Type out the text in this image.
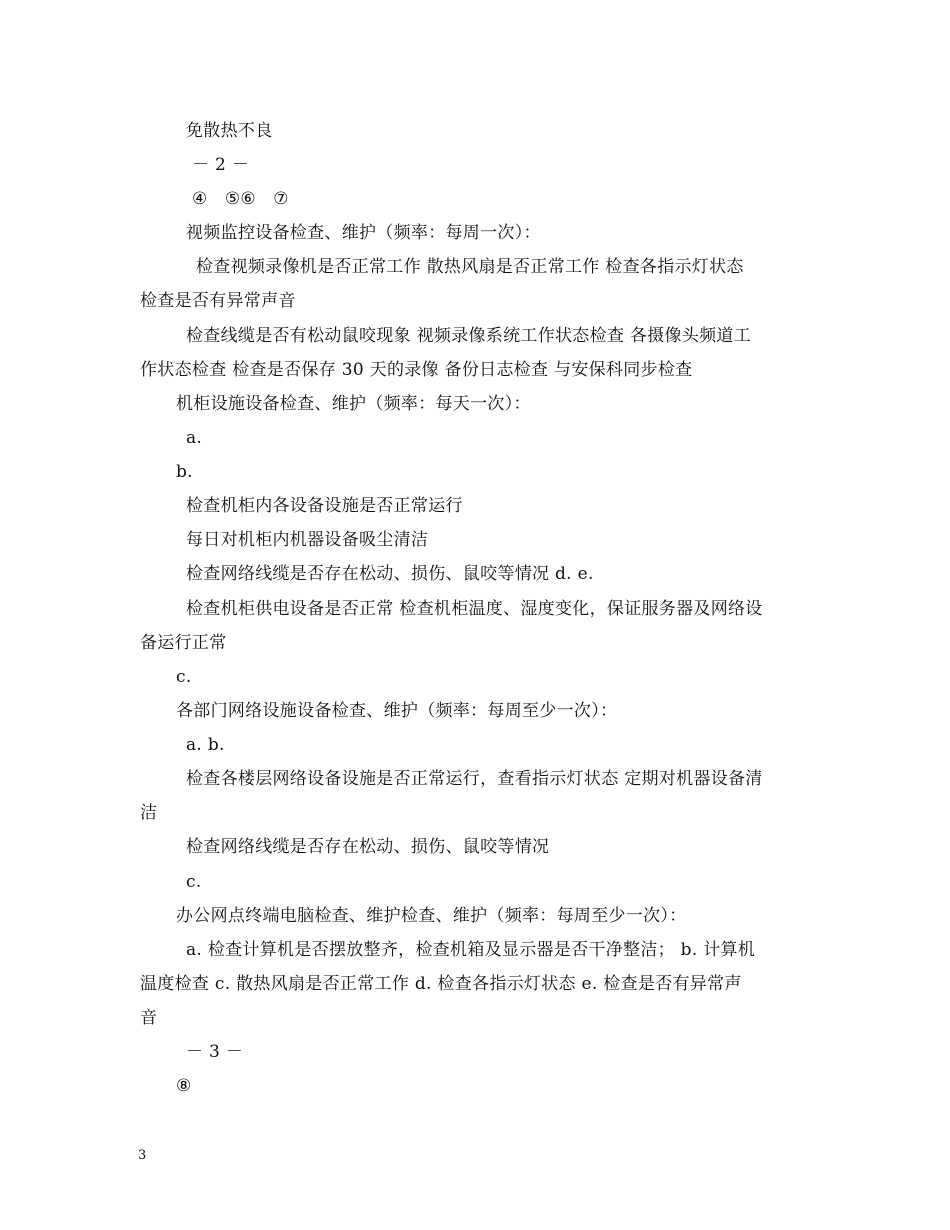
免散热不良
－ 2 －
④　⑤⑥　⑦
视频监控设备检查、维护（频率：每周一次）：
检查视频录像机是否正常工作 散热风扇是否正常工作 检查各指示灯状态
检查是否有异常声音
检查线缆是否有松动鼠咬现象 视频录像系统工作状态检查 各摄像头频道工
作状态检查 检查是否保存 30 天的录像 备份日志检查 与安保科同步检查
机柜设施设备检查、维护（频率：每天一次）：
a.
b.
检查机柜内各设备设施是否正常运行
每日对机柜内机器设备吸尘清洁
检查网络线缆是否存在松动、损伤、鼠咬等情况 d. e.
检查机柜供电设备是否正常 检查机柜温度、湿度变化，保证服务器及网络设
备运行正常
c.
各部门网络设施设备检查、维护（频率：每周至少一次）：
a. b.
检查各楼层网络设备设施是否正常运行，查看指示灯状态 定期对机器设备清
洁
检查网络线缆是否存在松动、损伤、鼠咬等情况
c.
办公网点终端电脑检查、维护检查、维护（频率：每周至少一次）：
a. 检查计算机是否摆放整齐，检查机箱及显示器是否干净整洁； b. 计算机
温度检查 c. 散热风扇是否正常工作 d. 检查各指示灯状态 e. 检查是否有异常声
音
－ 3 －
⑧
3
